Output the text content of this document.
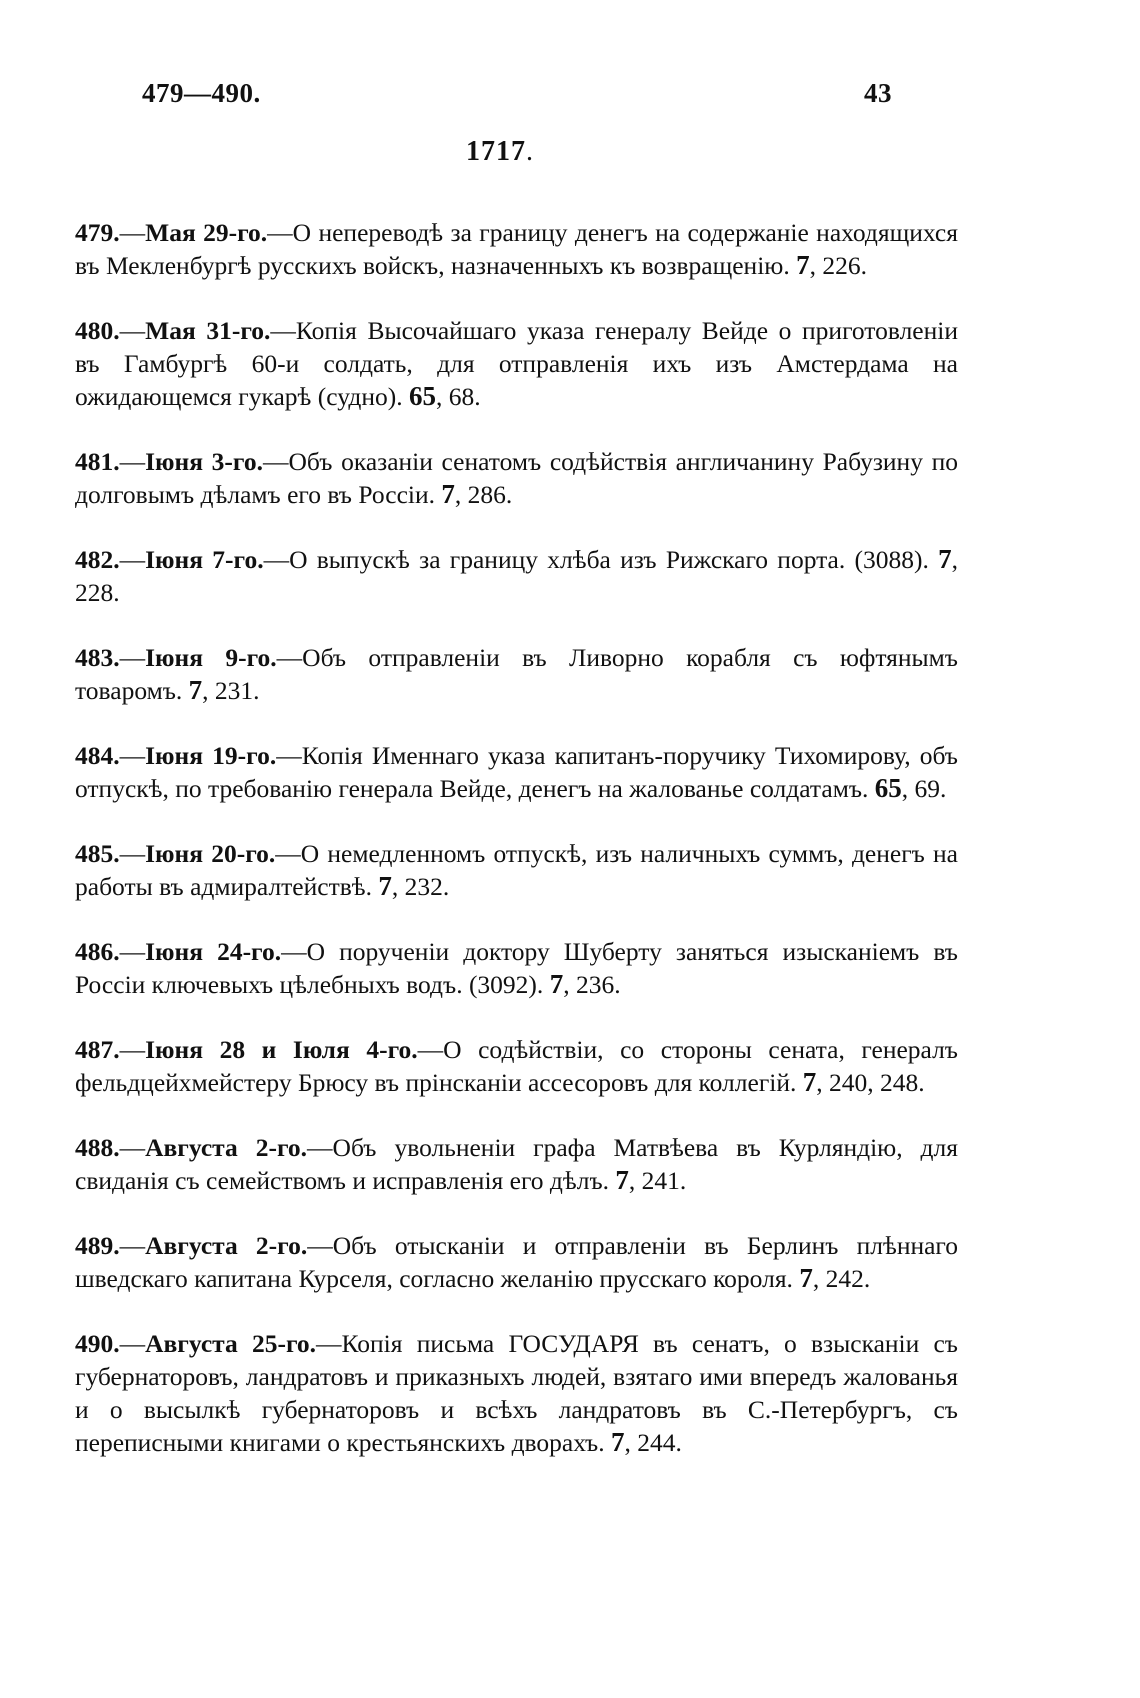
479—490.	43
1717 .

479.—Мая 29-го.—О непереводѣ за границу денегъ на содержаніе находящихся въ Мекленбургѣ русскихъ войскъ, назначенныхъ къ возвращенію. 7, 226.

480.—Мая 31-го.—Копія Высочайшаго указа генералу Вейде о приготовленіи въ Гамбургѣ 60-и солдать, для отправленія ихъ изъ Амстердама на ожидающемся гукарѣ (судно). 65, 68.

481.—Іюня 3-го.—Объ оказаніи сенатомъ содѣйствія англичанину Рабузину по долговымъ дѣламъ его въ Россіи. 7, 286.

482.—Іюня 7-го.—О выпускѣ за границу хлѣба изъ Рижскаго порта. (3088). 7, 228.

483.—Іюня 9-го.—Объ отправленіи въ Ливорно корабля съ юфтянымъ товаромъ. 7, 231.

484.—Іюня 19-го.—Копія Именнаго указа капитанъ-поручику Тихомирову, объ отпускѣ, по требованію генерала Вейде, денегъ на жалованье солдатамъ. 65, 69.

485.—Іюня 20-го.—О немедленномъ отпускѣ, изъ наличныхъ суммъ, денегъ на работы въ адмиралтействѣ. 7, 232.

486.—Іюня 24-го.—О порученіи доктору Шуберту заняться изысканіемъ въ Россіи ключевыхъ цѣлебныхъ водъ. (3092). 7, 236.

487.—Іюня 28 и Іюля 4-го.—О содѣйствіи, со стороны сената, генералъ фельдцейхмейстеру Брюсу въ прінсканіи ассесоровъ для коллегій. 7, 240, 248.

488.—Августа 2-го.—Объ увольненіи графа Матвѣева въ Курляндію, для свиданія съ семействомъ и исправленія его дѣлъ. 7, 241.

489.—Августа 2-го.—Объ отысканіи и отправленіи въ Берлинъ плѣннаго шведскаго капитана Курселя, согласно желанію прусскаго короля. 7, 242.

490.—Августа 25-го.—Копія письма ГОСУДАРЯ въ сенатъ, о взысканіи съ губернаторовъ, ландратовъ и приказныхъ людей, взятаго ими впередъ жалованья и о высылкѣ губернаторовъ и всѣхъ ландратовъ въ С.-Петербургъ, съ переписными книгами о крестьянскихъ дворахъ. 7, 244.
